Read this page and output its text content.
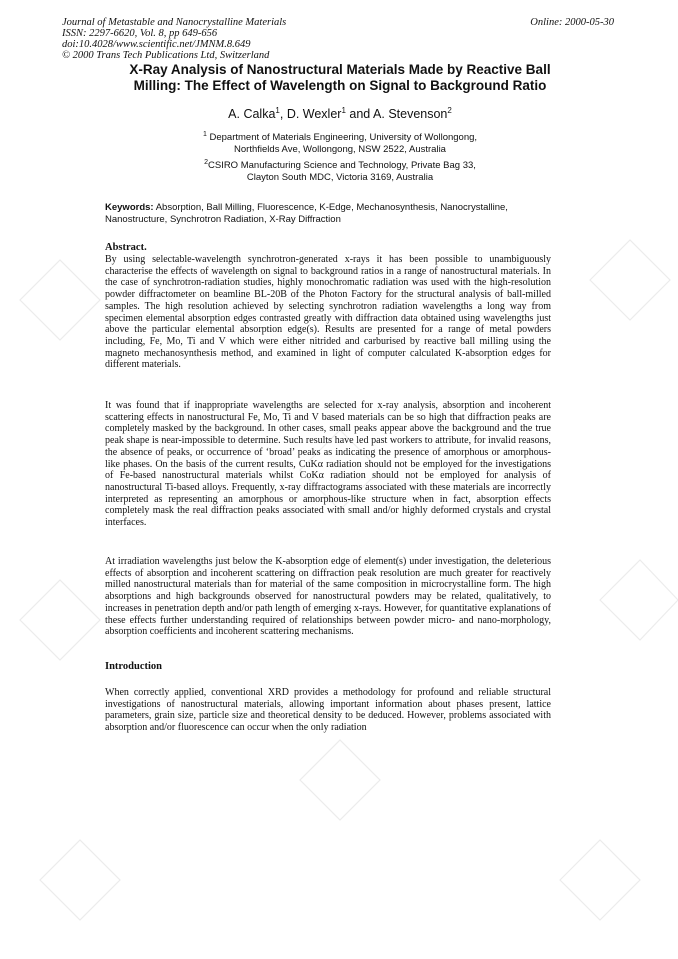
Journal of Metastable and Nanocrystalline Materials
ISSN: 2297-6620, Vol. 8, pp 649-656
doi:10.4028/www.scientific.net/JMNM.8.649
© 2000 Trans Tech Publications Ltd, Switzerland
Online: 2000-05-30
X-Ray Analysis of Nanostructural Materials Made by Reactive Ball
Milling: The Effect of Wavelength on Signal to Background Ratio
A. Calka$^1$, D. Wexler$^1$ and A. Stevenson$^2$
$^1$ Department of Materials Engineering, University of Wollongong,
Northfields Ave, Wollongong, NSW 2522, Australia
$^2$CSIRO Manufacturing Science and Technology, Private Bag 33,
Clayton South MDC, Victoria 3169, Australia
Keywords: Absorption, Ball Milling, Fluorescence, K-Edge, Mechanosynthesis, Nanocrystalline, Nanostructure, Synchrotron Radiation, X-Ray Diffraction

Abstract.

By using selectable-wavelength synchrotron-generated x-rays it has been possible to unambiguously characterise the effects of wavelength on signal to background ratios in a range of nanostructural materials. In the case of synchrotron-radiation studies, highly monochromatic radiation was used with the high-resolution powder diffractometer on beamline BL-20B of the Photon Factory for the structural analysis of ball-milled samples. The high resolution achieved by selecting synchrotron radiation wavelengths a long way from specimen elemental absorption edges contrasted greatly with diffraction data obtained using wavelengths just above the particular elemental absorption edge(s). Results are presented for a range of metal powders including, Fe, Mo, Ti and V which were either nitrided and carburised by reactive ball milling using the magneto mechanosynthesis method, and examined in light of computer calculated K-absorption edges for different materials.

It was found that if inappropriate wavelengths are selected for x-ray analysis, absorption and incoherent scattering effects in nanostructural Fe, Mo, Ti and V based materials can be so high that diffraction peaks are completely masked by the background. In other cases, small peaks appear above the background and the true peak shape is near-impossible to determine. Such results have led past workers to attribute, for invalid reasons, the absence of peaks, or occurrence of ‘broad’ peaks as indicating the presence of amorphous or amorphous-like phases. On the basis of the current results, CuKα radiation should not be employed for the investigations of Fe-based nanostructural materials whilst CoKα radiation should not be employed for analysis of nanostructural Ti-based alloys. Frequently, x-ray diffractograms associated with these materials are incorrectly interpreted as representing an amorphous or amorphous-like structure when in fact, absorption effects completely mask the real diffraction peaks associated with small and/or highly deformed crystals and crystal interfaces.

At irradiation wavelengths just below the K-absorption edge of element(s) under investigation, the deleterious effects of absorption and incoherent scattering on diffraction peak resolution are much greater for reactively milled nanostructural materials than for material of the same composition in microcrystalline form. The high absorptions and high backgrounds observed for nanostructural powders may be related, qualitatively, to increases in penetration depth and/or path length of emerging x-rays. However, for quantitative explanations of these effects further understanding required of relationships between powder micro- and nano-morphology, absorption coefficients and incoherent scattering mechanisms.

Introduction

When correctly applied, conventional XRD provides a methodology for profound and reliable structural investigations of nanostructural materials, allowing important information about phases present, lattice parameters, grain size, particle size and theoretical density to be deduced. However, problems associated with absorption and/or fluorescence can occur when the only radiation
